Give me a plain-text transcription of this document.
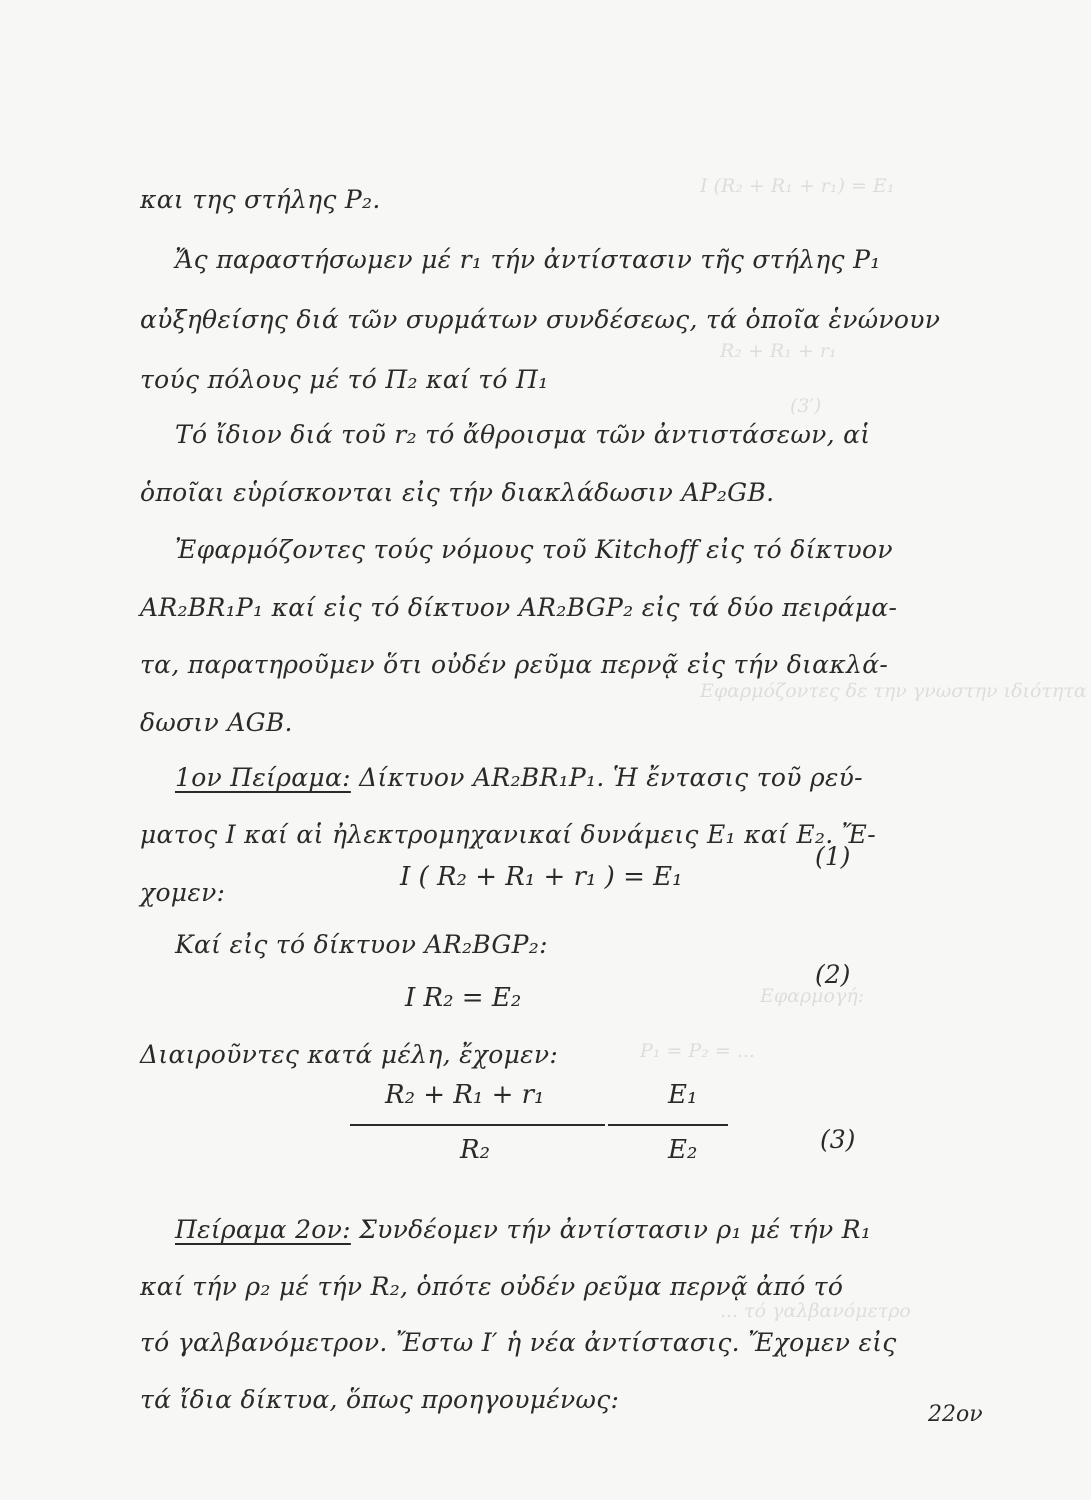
I (R₂ + R₁ + r₁) = E₁
R₂ + R₁ + r₁
(3′)
Εφαρμόζοντες δε την γνωστην ιδιότητα
Εφαρμογή:
P₁ = P₂ = ...
... τό γαλβανόμετρο
και της στήλης P₂.
Ἄς παραστήσωμεν μέ r₁ τήν ἀντίστασιν τῆς στήλης P₁
αὐξηθείσης διά τῶν συρμάτων συνδέσεως, τά ὁποῖα ἑνώνουν
τούς πόλους μέ τό Π₂ καί τό Π₁
Τό ἴδιον διά τοῦ r₂ τό ἄθροισμα τῶν ἀντιστάσεων, αἱ
ὁποῖαι εὑρίσκονται εἰς τήν διακλάδωσιν AP₂GB.
Ἐφαρμόζοντες τούς νόμους τοῦ Kitchoff εἰς τό δίκτυον
AR₂BR₁P₁ καί εἰς τό δίκτυον AR₂BGP₂ εἰς τά δύο πειράμα-
τα, παρατηροῦμεν ὅτι οὐδέν ρεῦμα περνᾷ εἰς τήν διακλά-
δωσιν AGB.
1ον Πείραμα: Δίκτυον AR₂BR₁P₁. Ἡ ἔντασις τοῦ ρεύ-
ματος I καί αἱ ἠλεκτρομηχανικαί δυνάμεις E₁ καί E₂. Ἔ-
χομεν:
I ( R₂ + R₁ + r₁ ) = E₁
(1)
Καί εἰς τό δίκτυον AR₂BGP₂:
I R₂ = E₂
(2)
Διαιροῦντες κατά μέλη, ἔχομεν:
R₂ + R₁ + r₁
R₂
E₁
E₂	(3)
Πείραμα 2ον: Συνδέομεν τήν ἀντίστασιν ρ₁ μέ τήν R₁
καί τήν ρ₂ μέ τήν R₂, ὁπότε οὐδέν ρεῦμα περνᾷ ἀπό τό
τό γαλβανόμετρον. Ἔστω I′ ἡ νέα ἀντίστασις. Ἔχομεν εἰς
τά ἴδια δίκτυα, ὅπως προηγουμένως:
22ον
